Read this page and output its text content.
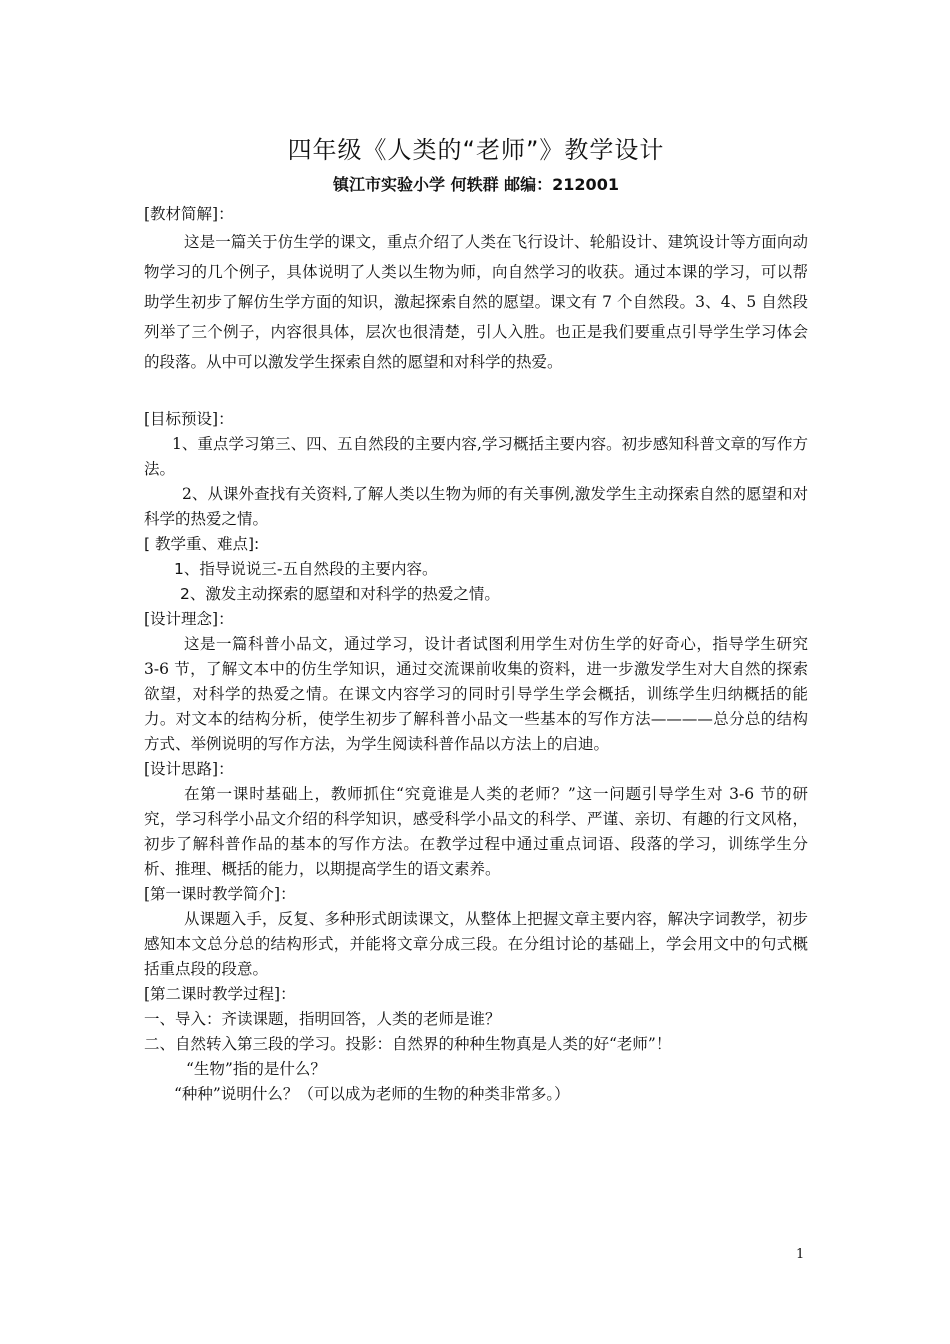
四年级《人类的“老师”》教学设计

镇江市实验小学 何轶群 邮编：212001

[教材简解]：

这是一篇关于仿生学的课文，重点介绍了人类在飞行设计、轮船设计、建筑设计等方面向动物学习的几个例子，具体说明了人类以生物为师，向自然学习的收获。通过本课的学习，可以帮助学生初步了解仿生学方面的知识，激起探索自然的愿望。课文有 7 个自然段。3、4、5 自然段列举了三个例子，内容很具体，层次也很清楚，引人入胜。也正是我们要重点引导学生学习体会的段落。从中可以激发学生探索自然的愿望和对科学的热爱。

[目标预设]：

1、重点学习第三、四、五自然段的主要内容,学习概括主要内容。初步感知科普文章的写作方法。

2、从课外查找有关资料,了解人类以生物为师的有关事例,激发学生主动探索自然的愿望和对科学的热爱之情。

[ 教学重、难点]:

1、指导说说三-五自然段的主要内容。

2、激发主动探索的愿望和对科学的热爱之情。

[设计理念]：

这是一篇科普小品文，通过学习，设计者试图利用学生对仿生学的好奇心，指导学生研究 3-6 节，了解文本中的仿生学知识，通过交流课前收集的资料，进一步激发学生对大自然的探索欲望，对科学的热爱之情。在课文内容学习的同时引导学生学会概括，训练学生归纳概括的能力。对文本的结构分析，使学生初步了解科普小品文一些基本的写作方法————总分总的结构方式、举例说明的写作方法，为学生阅读科普作品以方法上的启迪。

[设计思路]：

在第一课时基础上，教师抓住“究竟谁是人类的老师？”这一问题引导学生对 3-6 节的研究，学习科学小品文介绍的科学知识，感受科学小品文的科学、严谨、亲切、有趣的行文风格，初步了解科普作品的基本的写作方法。在教学过程中通过重点词语、段落的学习，训练学生分析、推理、概括的能力，以期提高学生的语文素养。

[第一课时教学简介]：

从课题入手，反复、多种形式朗读课文，从整体上把握文章主要内容，解决字词教学，初步感知本文总分总的结构形式，并能将文章分成三段。在分组讨论的基础上，学会用文中的句式概括重点段的段意。

[第二课时教学过程]：

一、导入：齐读课题，指明回答，人类的老师是谁？

二、自然转入第三段的学习。投影：自然界的种种生物真是人类的好“老师”！

“生物”指的是什么？

“种种”说明什么？（可以成为老师的生物的种类非常多。）

1
